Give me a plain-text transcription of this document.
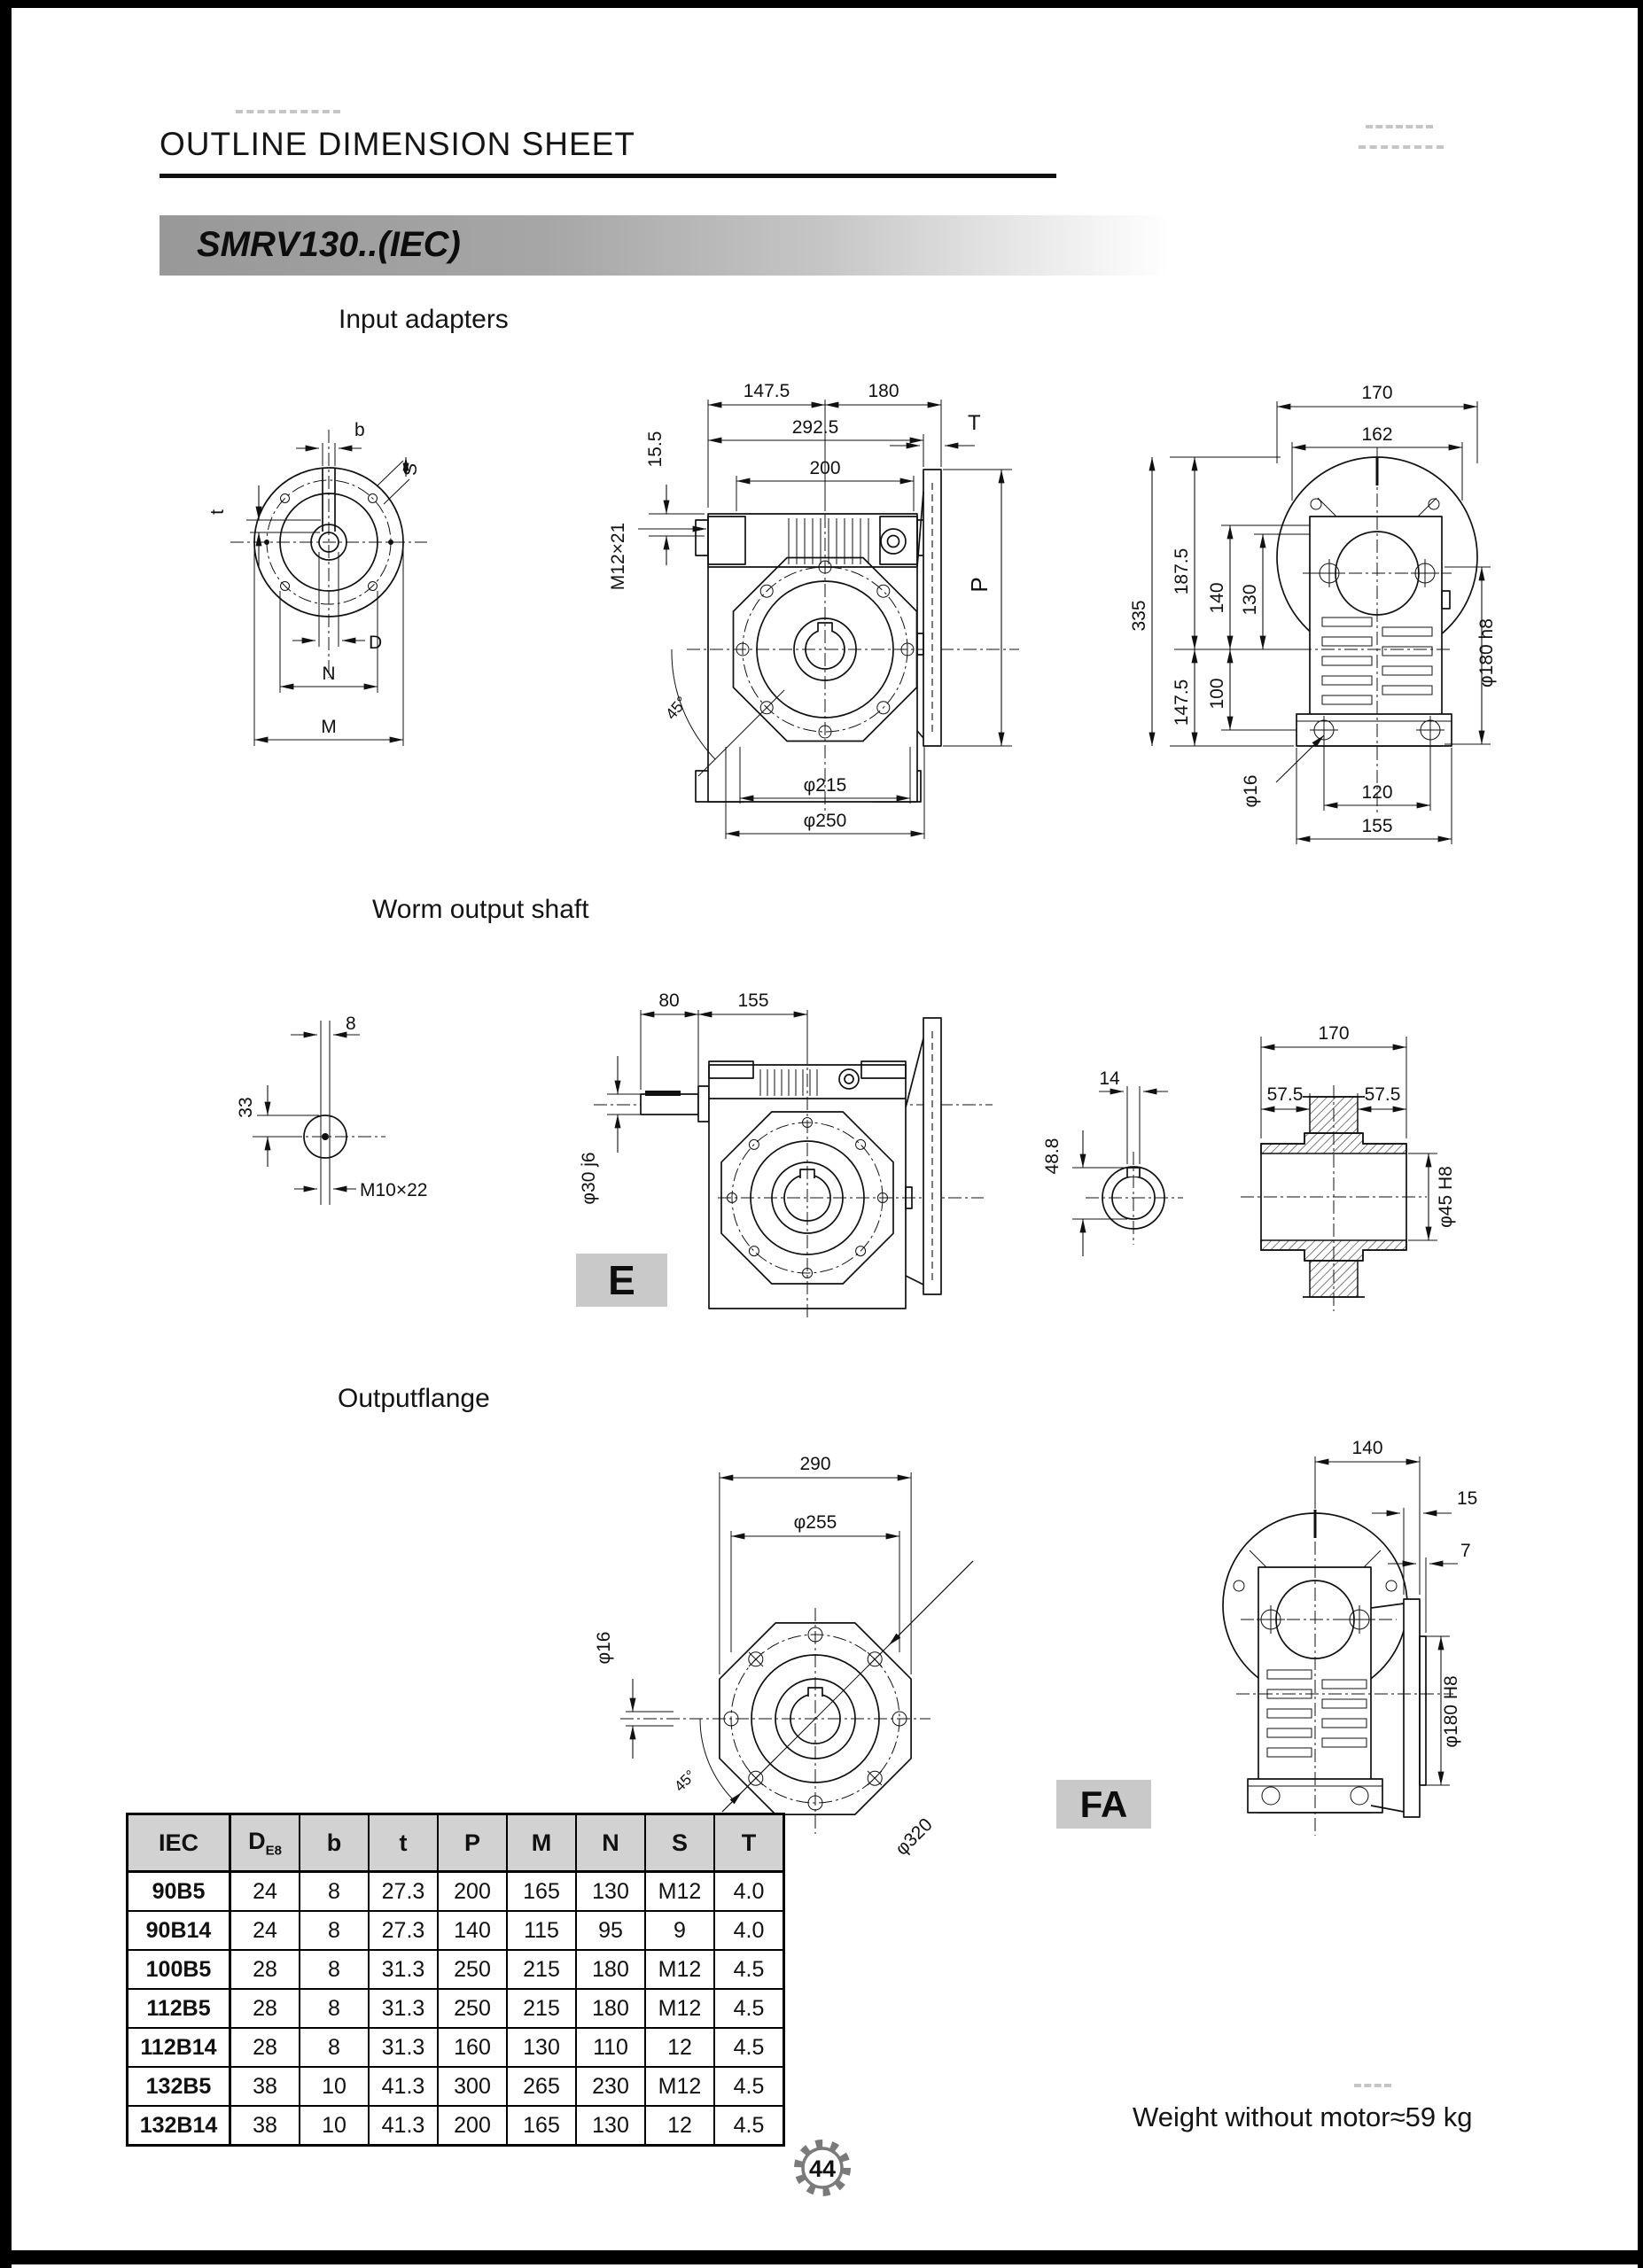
OUTLINE DIMENSION SHEET
SMRV130..(IEC)
Input adapters
Worm output shaft
Outputflange
b
S
t
D
N
M
147.5	180
292.5
200
15.5
T
P
M12×21
45°
φ215
φ250
170
162
335
187.5
140 130
147.5 100
φ180 h8
φ16	120
155
8
33
M10×22
80	155
φ30 j6
14
48.8
170
57.5	57.5
φ45 H8
290
φ255
φ16
45°
φ320
140
15
7
φ180 H8
E
FA
IEC	$D_{E8}$	b	t	P	M	N	S	T
90B5	24	8	27.3	200	165	130	M12	4.0
90B14	24	8	27.3	140	115	95	9	4.0
100B5	28	8	31.3	250	215	180	M12	4.5
112B5	28	8	31.3	250	215	180	M12	4.5
112B14	28	8	31.3	160	130	110	12	4.5
132B5	38	10	41.3	300	265	230	M12	4.5
132B14	38	10	41.3	200	165	130	12	4.5	Weight without motor≈59 kg
44
